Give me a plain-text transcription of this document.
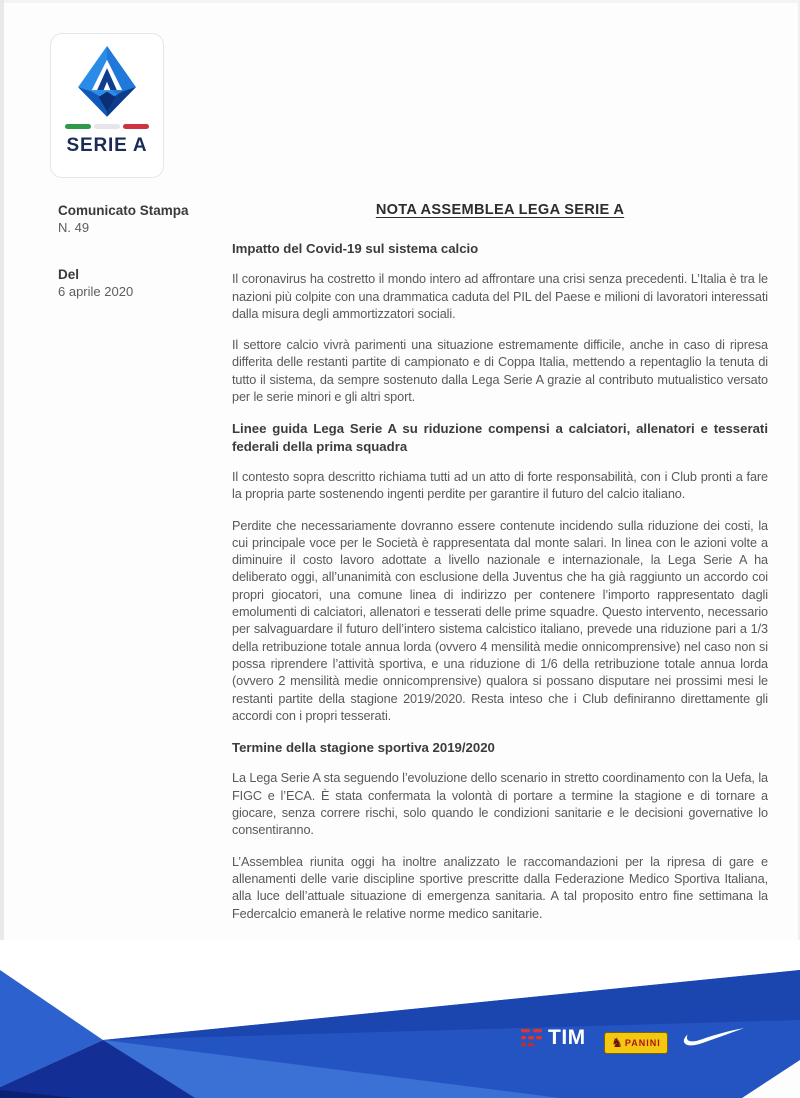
SERIE A
Comunicato Stampa
N. 49
Del
6 aprile 2020
NOTA ASSEMBLEA LEGA SERIE A
Impatto del Covid-19 sul sistema calcio

Il coronavirus ha costretto il mondo intero ad affrontare una crisi senza precedenti. L’Italia è tra le nazioni più colpite con una drammatica caduta del PIL del Paese e milioni di lavoratori interessati dalla misura degli ammortizzatori sociali.

Il settore calcio vivrà parimenti una situazione estremamente difficile, anche in caso di ripresa differita delle restanti partite di campionato e di Coppa Italia, mettendo a repentaglio la tenuta di tutto il sistema, da sempre sostenuto dalla Lega Serie A grazie al contributo mutualistico versato per le serie minori e gli altri sport.

Linee guida Lega Serie A su riduzione compensi a calciatori, allenatori e tesserati federali della prima squadra

Il contesto sopra descritto richiama tutti ad un atto di forte responsabilità, con i Club pronti a fare la propria parte sostenendo ingenti perdite per garantire il futuro del calcio italiano.

Perdite che necessariamente dovranno essere contenute incidendo sulla riduzione dei costi, la cui principale voce per le Società è rappresentata dal monte salari. In linea con le azioni volte a diminuire il costo lavoro adottate a livello nazionale e internazionale, la Lega Serie A ha deliberato oggi, all’unanimità con esclusione della Juventus che ha già raggiunto un accordo coi propri giocatori, una comune linea di indirizzo per contenere l’importo rappresentato dagli emolumenti di calciatori, allenatori e tesserati delle prime squadre. Questo intervento, necessario per salvaguardare il futuro dell’intero sistema calcistico italiano, prevede una riduzione pari a 1/3 della retribuzione totale annua lorda (ovvero 4 mensilità medie onnicomprensive) nel caso non si possa riprendere l’attività sportiva, e una riduzione di 1/6 della retribuzione totale annua lorda (ovvero 2 mensilità medie onnicomprensive) qualora si possano disputare nei prossimi mesi le restanti partite della stagione 2019/2020. Resta inteso che i Club definiranno direttamente gli accordi con i propri tesserati.

Termine della stagione sportiva 2019/2020

La Lega Serie A sta seguendo l’evoluzione dello scenario in stretto coordinamento con la Uefa, la FIGC e l’ECA. È stata confermata la volontà di portare a termine la stagione e di tornare a giocare, senza correre rischi, solo quando le condizioni sanitarie e le decisioni governative lo consentiranno.

L’Assemblea riunita oggi ha inoltre analizzato le raccomandazioni per la ripresa di gare e allenamenti delle varie discipline sportive prescritte dalla Federazione Medico Sportiva Italiana, alla luce dell’attuale situazione di emergenza sanitaria. A tal proposito entro fine settimana la Federcalcio emanerà le relative norme medico sanitarie.

TIM ♞ PANINI
